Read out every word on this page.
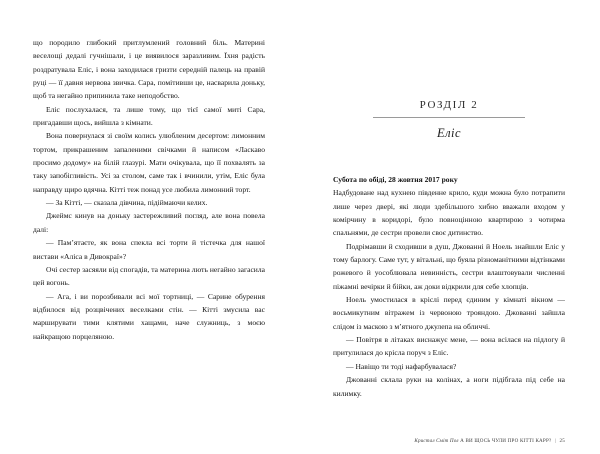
що породило глибокий притлумлений головний біль. Материні веселощі дедалі гучнішали, і це виявилося заразливим. Їхня радість роздратувала Еліс, і вона заходилася гризти середній палець на правій руці — її давня нервова звичка. Сара, помітивши це, насварила доньку, щоб та негайно припинила таке неподобство.

Еліс послухалася, та лише тому, що тієї самої миті Сара, пригадавши щось, вийшла з кімнати.

Вона повернулася зі своїм колись улюбленим десертом: лимонним тортом, прикрашеним запаленими свічками й написом «Ласкаво просимо додому» на білій глазурі. Мати очікувала, що її похвалять за таку запобігливість. Усі за столом, саме так і вчинили, утім, Еліс була направду щиро вдячна. Кітті теж понад усе любила лимонний торт.

— За Кітті, — сказала дівчина, підіймаючи келих.

Джеймс кинув на доньку застережливий погляд, але вона повела далі:

— Пам’ятаєте, як вона спекла всі торти й тістечка для нашої вистави «Аліса в Дивокраї»?

Очі сестер засяяли від спогадів, та материна лють негайно загасила цей вогонь.

— Ага, і ви порозбивали всі мої тортниці, — Сарине обурення відбилося від розцвічених веселками стін. — Кітті змусила вас марширувати тими клятими хащами, наче служниць, з моєю найкращою порцеляною.

РОЗДІЛ 2
Еліс

Субота по обіді, 28 жовтня 2017 року

Надбудоване над кухнею південне крило, куди можна було потрапити лише через двері, які люди здебільшого хибно вважали входом у комірчину в коридорі, було повноцінною квартирою з чотирма спальнями, де сестри провели своє дитинство.

Подрімавши й сходивши в душ, Джованні й Ноель знайшли Еліс у тому барлогу. Саме тут, у вітальні, що буяла різноманітними відтінками рожевого й уособлювала невинність, сестри влаштовували численні піжамні вечірки й бійки, аж доки відкрили для себе хлопців.

Ноель умостилася в кріслі перед єдиним у кімнаті вікном — восьмикутним вітражем із червоною трояндою. Джованні зайшла слідом із маскою з м’ятного джулепа на обличчі.

— Повітря в літаках виснажує мене, — вона всілася на підлогу й притулилася до крісла поруч з Еліс.

— Навіщо ти тоді нафарбувалася?

Джованні склала руки на колінах, а ноги підібгала під себе на килимку.

Кристал Сміт Пол А ВИ ЩОСЬ ЧУЛИ ПРО КІТТІ КАРР? | 25
